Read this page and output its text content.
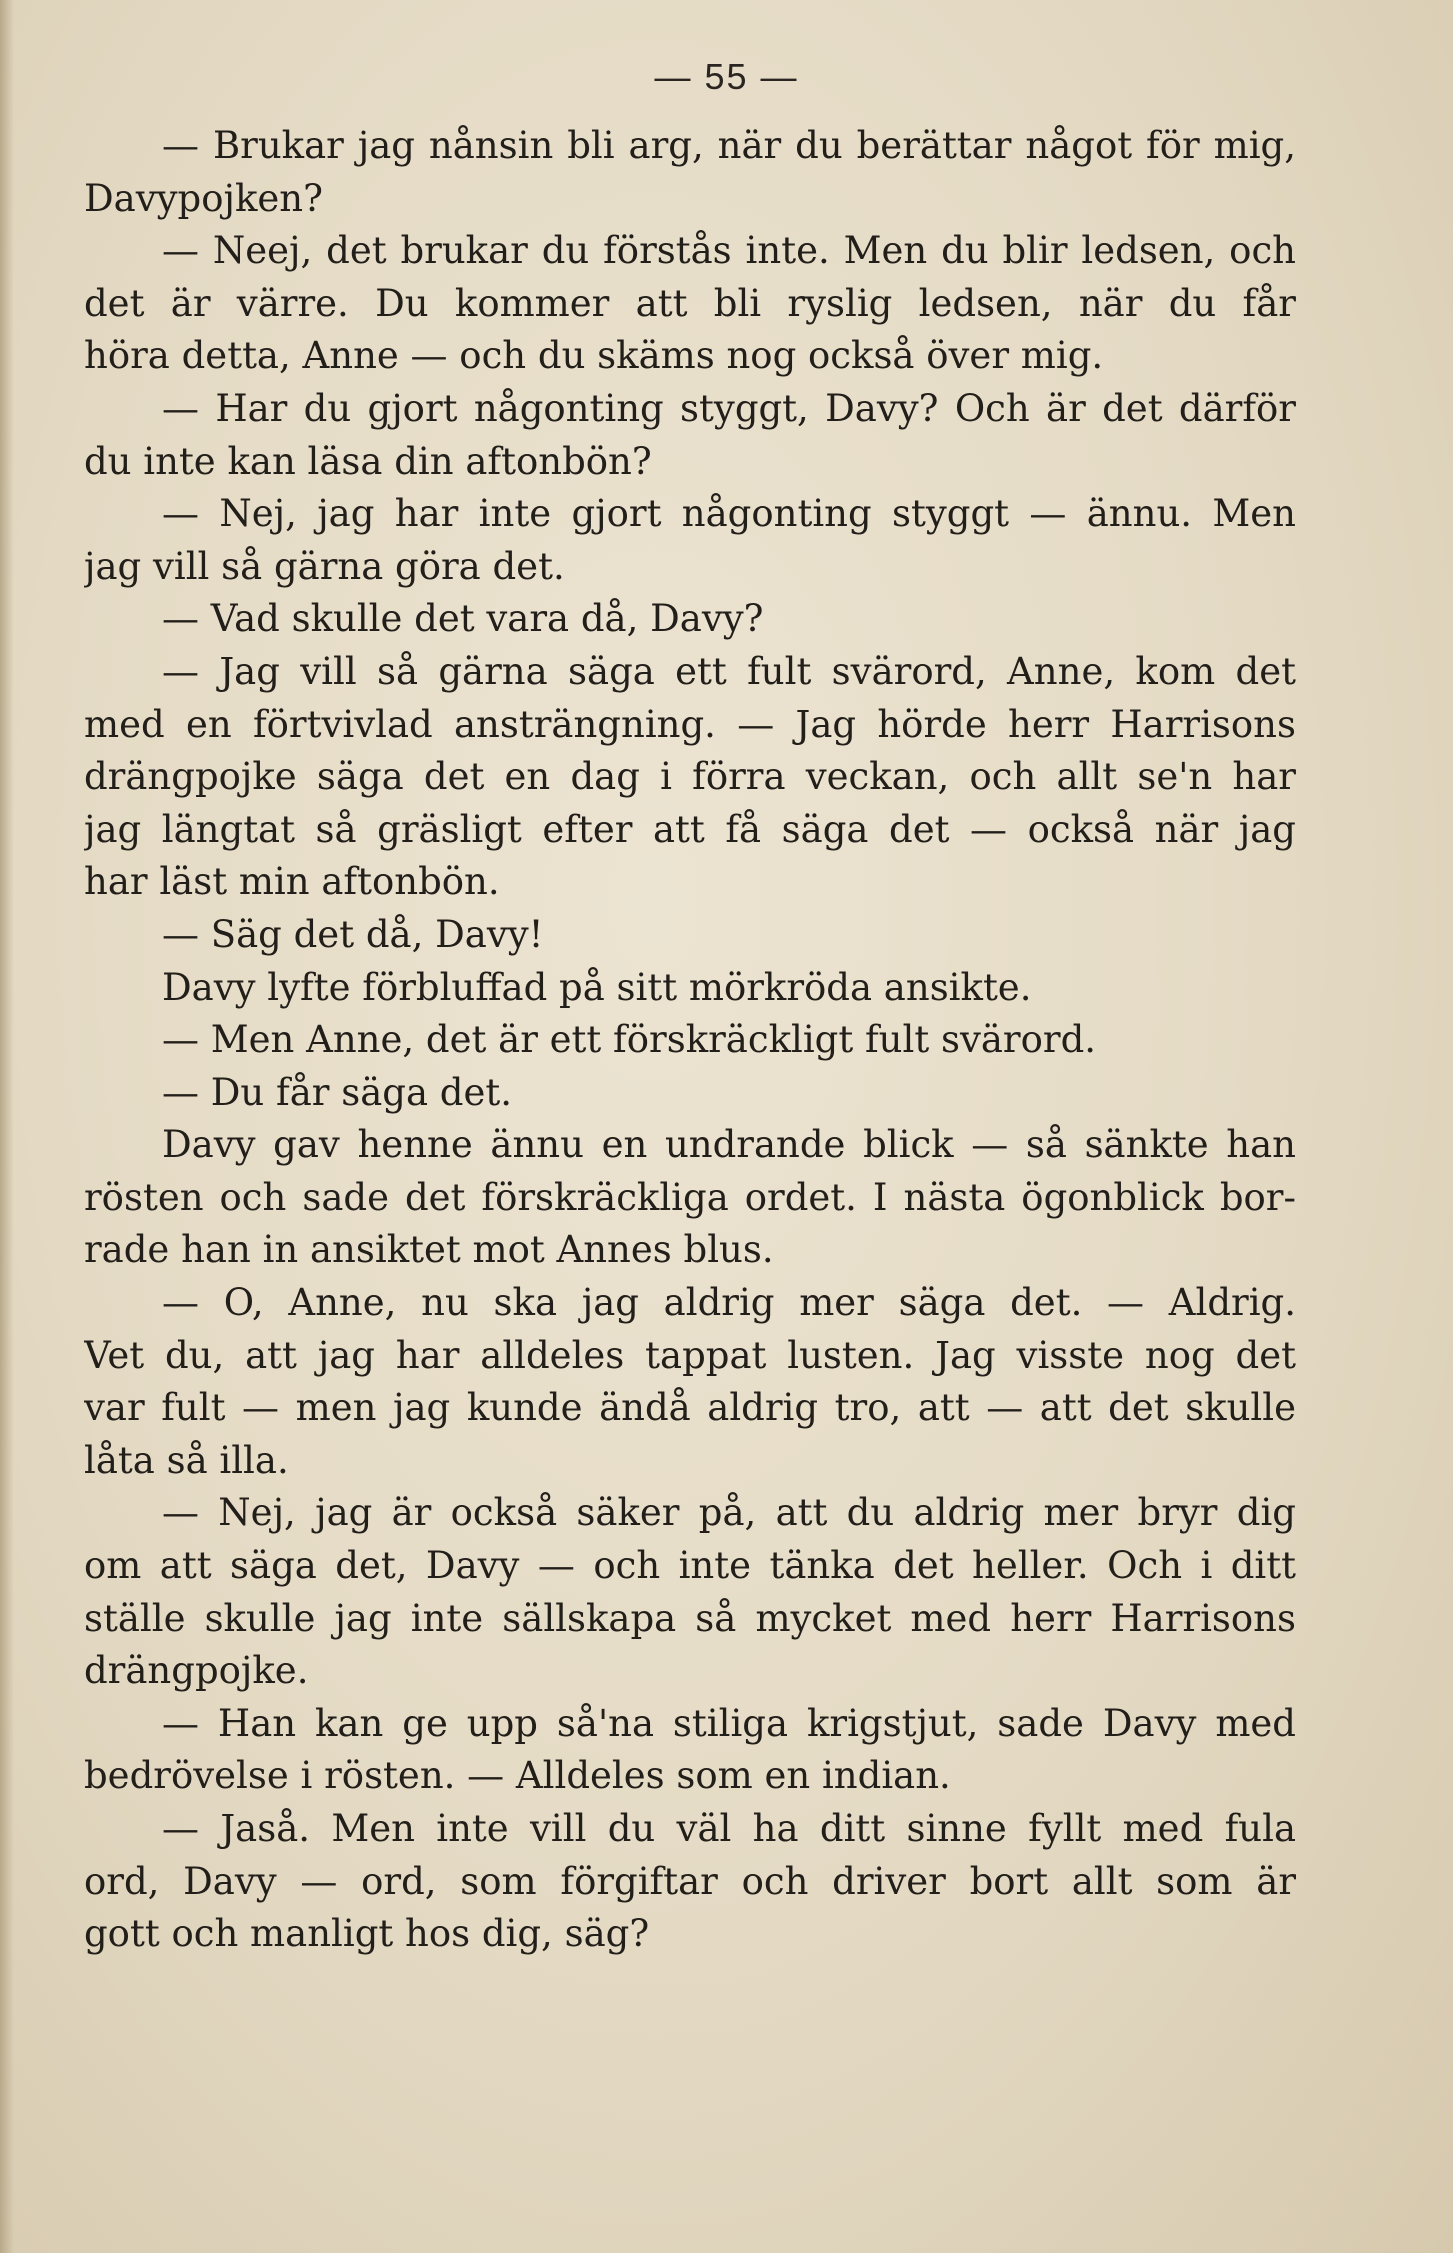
— 55 —
— Brukar jag nånsin bli arg, när du berättar något för mig,
Davypojken?
— Neej, det brukar du förstås inte. Men du blir ledsen, och
det är värre. Du kommer att bli ryslig ledsen, när du får
höra detta, Anne — och du skäms nog också över mig.
— Har du gjort någonting styggt, Davy? Och är det därför
du inte kan läsa din aftonbön?
— Nej, jag har inte gjort någonting styggt — ännu. Men
jag vill så gärna göra det.
— Vad skulle det vara då, Davy?
— Jag vill så gärna säga ett fult svärord, Anne, kom det
med en förtvivlad ansträngning. — Jag hörde herr Harrisons
drängpojke säga det en dag i förra veckan, och allt se'n har
jag längtat så gräsligt efter att få säga det — också när jag
har läst min aftonbön.
— Säg det då, Davy!
Davy lyfte förbluffad på sitt mörkröda ansikte.
— Men Anne, det är ett förskräckligt fult svärord.
— Du får säga det.
Davy gav henne ännu en undrande blick — så sänkte han
rösten och sade det förskräckliga ordet. I nästa ögonblick bor-
rade han in ansiktet mot Annes blus.
— O, Anne, nu ska jag aldrig mer säga det. — Aldrig.
Vet du, att jag har alldeles tappat lusten. Jag visste nog det
var fult — men jag kunde ändå aldrig tro, att — att det skulle
låta så illa.
— Nej, jag är också säker på, att du aldrig mer bryr dig
om att säga det, Davy — och inte tänka det heller. Och i ditt
ställe skulle jag inte sällskapa så mycket med herr Harrisons
drängpojke.
— Han kan ge upp så'na stiliga krigstjut, sade Davy med
bedrövelse i rösten. — Alldeles som en indian.
— Jaså. Men inte vill du väl ha ditt sinne fyllt med fula
ord, Davy — ord, som förgiftar och driver bort allt som är
gott och manligt hos dig, säg?
